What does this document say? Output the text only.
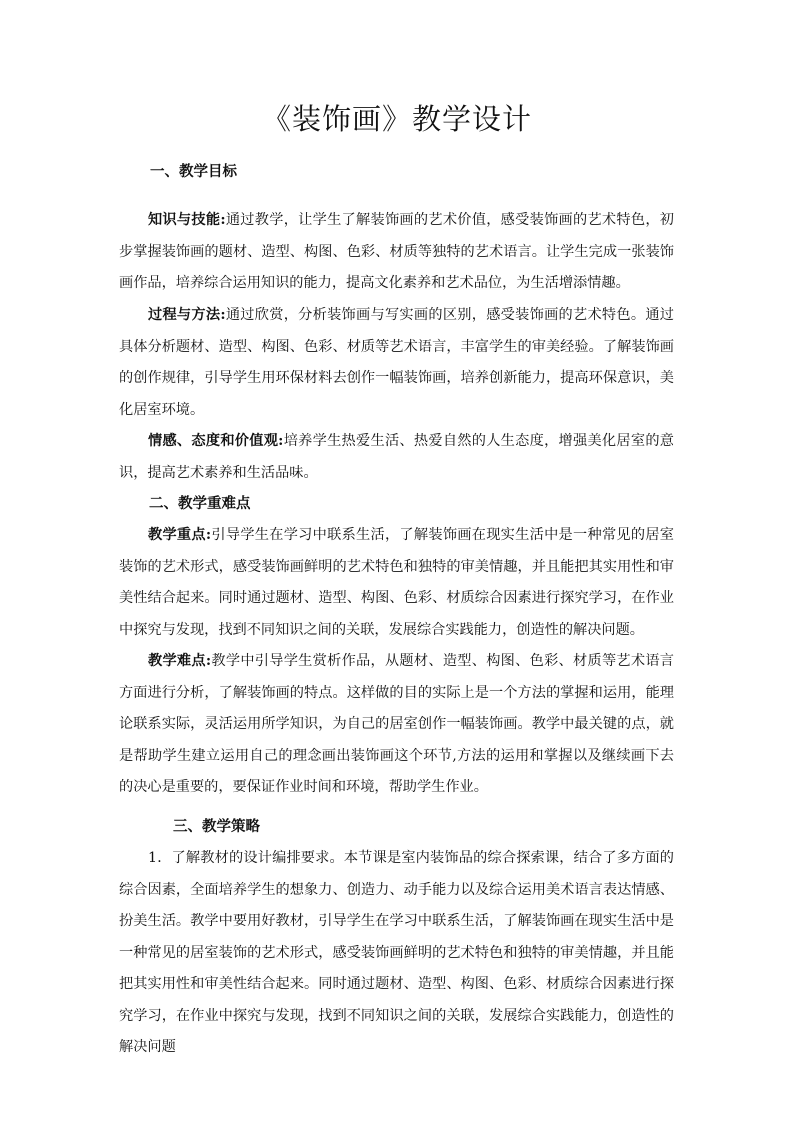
《装饰画》教学设计
一、教学目标

知识与技能:通过教学，让学生了解装饰画的艺术价值，感受装饰画的艺术特色，初步掌握装饰画的题材、造型、构图、色彩、材质等独特的艺术语言。让学生完成一张装饰画作品，培养综合运用知识的能力，提高文化素养和艺术品位，为生活增添情趣。

过程与方法:通过欣赏，分析装饰画与写实画的区别，感受装饰画的艺术特色。通过具体分析题材、造型、构图、色彩、材质等艺术语言，丰富学生的审美经验。了解装饰画的创作规律，引导学生用环保材料去创作一幅装饰画，培养创新能力，提高环保意识，美化居室环境。

情感、态度和价值观:培养学生热爱生活、热爱自然的人生态度，增强美化居室的意识，提高艺术素养和生活品味。

二、教学重难点

教学重点:引导学生在学习中联系生活，了解装饰画在现实生活中是一种常见的居室装饰的艺术形式，感受装饰画鲜明的艺术特色和独特的审美情趣，并且能把其实用性和审美性结合起来。同时通过题材、造型、构图、色彩、材质综合因素进行探究学习，在作业中探究与发现，找到不同知识之间的关联，发展综合实践能力，创造性的解决问题。

教学难点:教学中引导学生赏析作品，从题材、造型、构图、色彩、材质等艺术语言方面进行分析，了解装饰画的特点。这样做的目的实际上是一个方法的掌握和运用，能理论联系实际，灵活运用所学知识，为自己的居室创作一幅装饰画。教学中最关键的点，就是帮助学生建立运用自己的理念画出装饰画这个环节,方法的运用和掌握以及继续画下去的决心是重要的，要保证作业时间和环境，帮助学生作业。

三、教学策略

1．了解教材的设计编排要求。本节课是室内装饰品的综合探索课，结合了多方面的综合因素，全面培养学生的想象力、创造力、动手能力以及综合运用美术语言表达情感、扮美生活。教学中要用好教材，引导学生在学习中联系生活，了解装饰画在现实生活中是一种常见的居室装饰的艺术形式，感受装饰画鲜明的艺术特色和独特的审美情趣，并且能把其实用性和审美性结合起来。同时通过题材、造型、构图、色彩、材质综合因素进行探究学习，在作业中探究与发现，找到不同知识之间的关联，发展综合实践能力，创造性的解决问题
